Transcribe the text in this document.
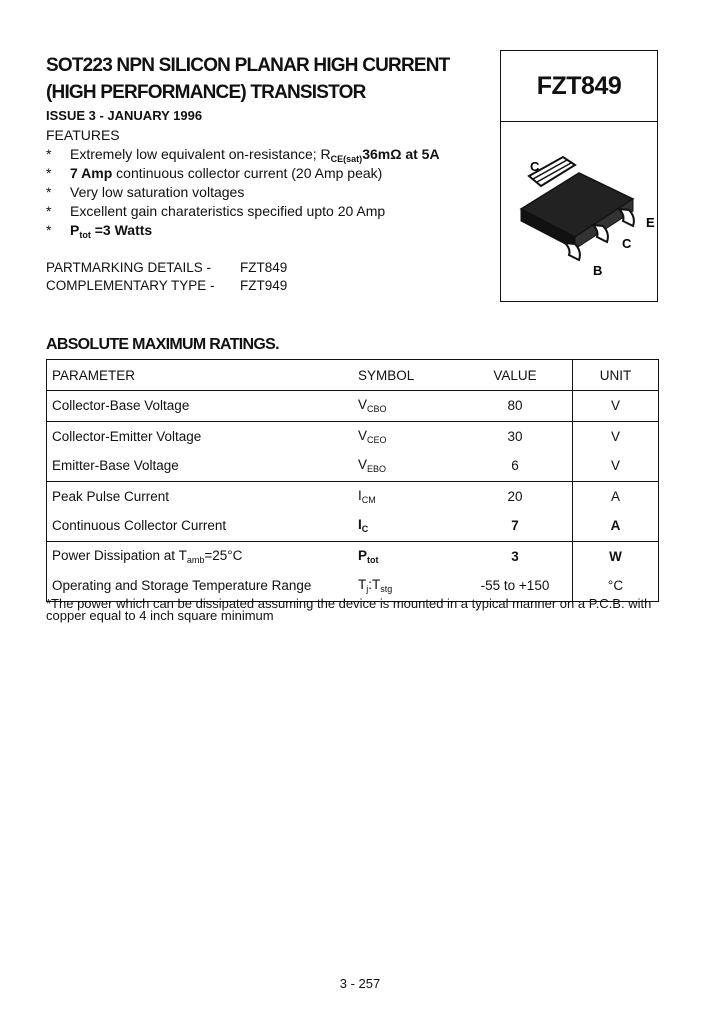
SOT223 NPN SILICON PLANAR HIGH CURRENT
(HIGH PERFORMANCE) TRANSISTOR	FZT849
C
E
C
B
ISSUE 3 - JANUARY 1996
FEATURES
* Extremely low equivalent on-resistance; $R_{CE(sat)}36m\Omega$ at 5A
* 7 Amp continuous collector current (20 Amp peak)
* Very low saturation voltages
* Excellent gain charateristics specified upto 20 Amp
* $P_{tot} =3$ Watts
PARTMARKING DETAILS - FZT849
COMPLEMENTARY TYPE - FZT949
ABSOLUTE MAXIMUM RATINGS.
PARAMETER	SYMBOL	VALUE	UNIT
Collector-Base Voltage	$V_{CBO}$	80	V
Collector-Emitter Voltage	$V_{CEO}$	30	V
Emitter-Base Voltage	$V_{EBO}$	6	V
Peak Pulse Current	$I_{CM}$	20	A
Continuous Collector Current	$I_C$	7	A
Power Dissipation at $T_{amb}=25^\circ C$	$P_{tot}$	3	W
Operating and Storage Temperature Range	$T_j:T_{stg}$	-55 to +150	°C
*The power which can be dissipated assuming the device is mounted in a typical manner on a P.C.B. with copper equal to 4 inch square minimum
3 - 257
